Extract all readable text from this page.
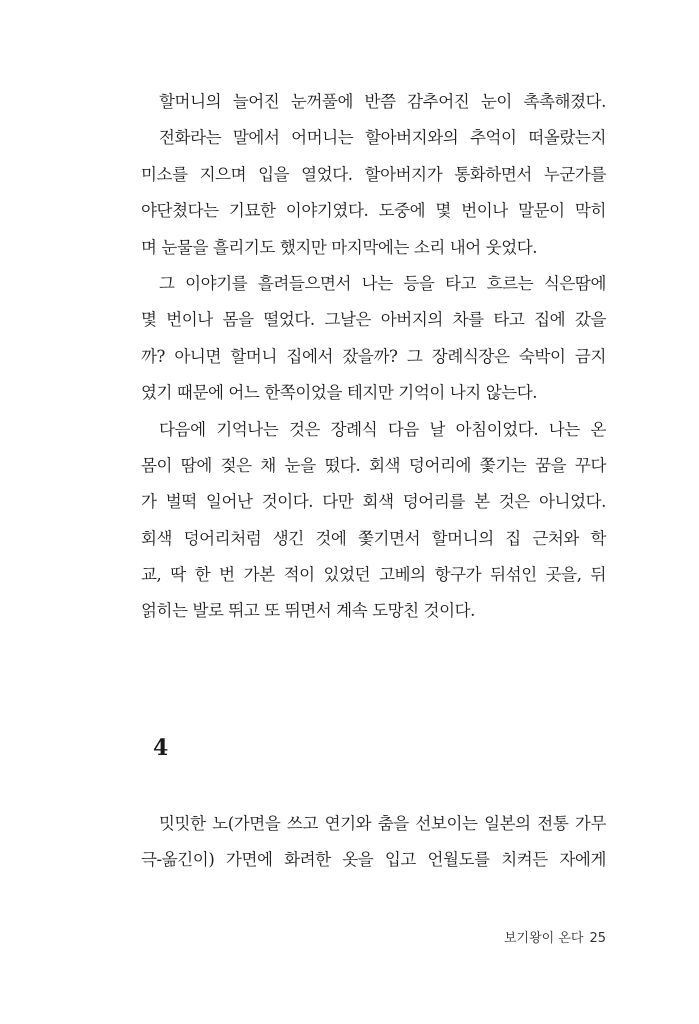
할머니의 늘어진 눈꺼풀에 반쯤 감추어진 눈이 촉촉해졌다.
전화라는 말에서 어머니는 할아버지와의 추억이 떠올랐는지
미소를 지으며 입을 열었다. 할아버지가 통화하면서 누군가를
야단쳤다는 기묘한 이야기였다. 도중에 몇 번이나 말문이 막히
며 눈물을 흘리기도 했지만 마지막에는 소리 내어 웃었다.
그 이야기를 흘려들으면서 나는 등을 타고 흐르는 식은땀에
몇 번이나 몸을 떨었다. 그날은 아버지의 차를 타고 집에 갔을
까? 아니면 할머니 집에서 잤을까? 그 장례식장은 숙박이 금지
였기 때문에 어느 한쪽이었을 테지만 기억이 나지 않는다.
다음에 기억나는 것은 장례식 다음 날 아침이었다. 나는 온
몸이 땀에 젖은 채 눈을 떴다. 회색 덩어리에 쫓기는 꿈을 꾸다
가 벌떡 일어난 것이다. 다만 회색 덩어리를 본 것은 아니었다.
회색 덩어리처럼 생긴 것에 쫓기면서 할머니의 집 근처와 학
교, 딱 한 번 가본 적이 있었던 고베의 항구가 뒤섞인 곳을, 뒤
얽히는 발로 뛰고 또 뛰면서 계속 도망친 것이다.
4
밋밋한 노(가면을 쓰고 연기와 춤을 선보이는 일본의 전통 가무
극-옮긴이) 가면에 화려한 옷을 입고 언월도를 치켜든 자에게
보기왕이 온다 25
